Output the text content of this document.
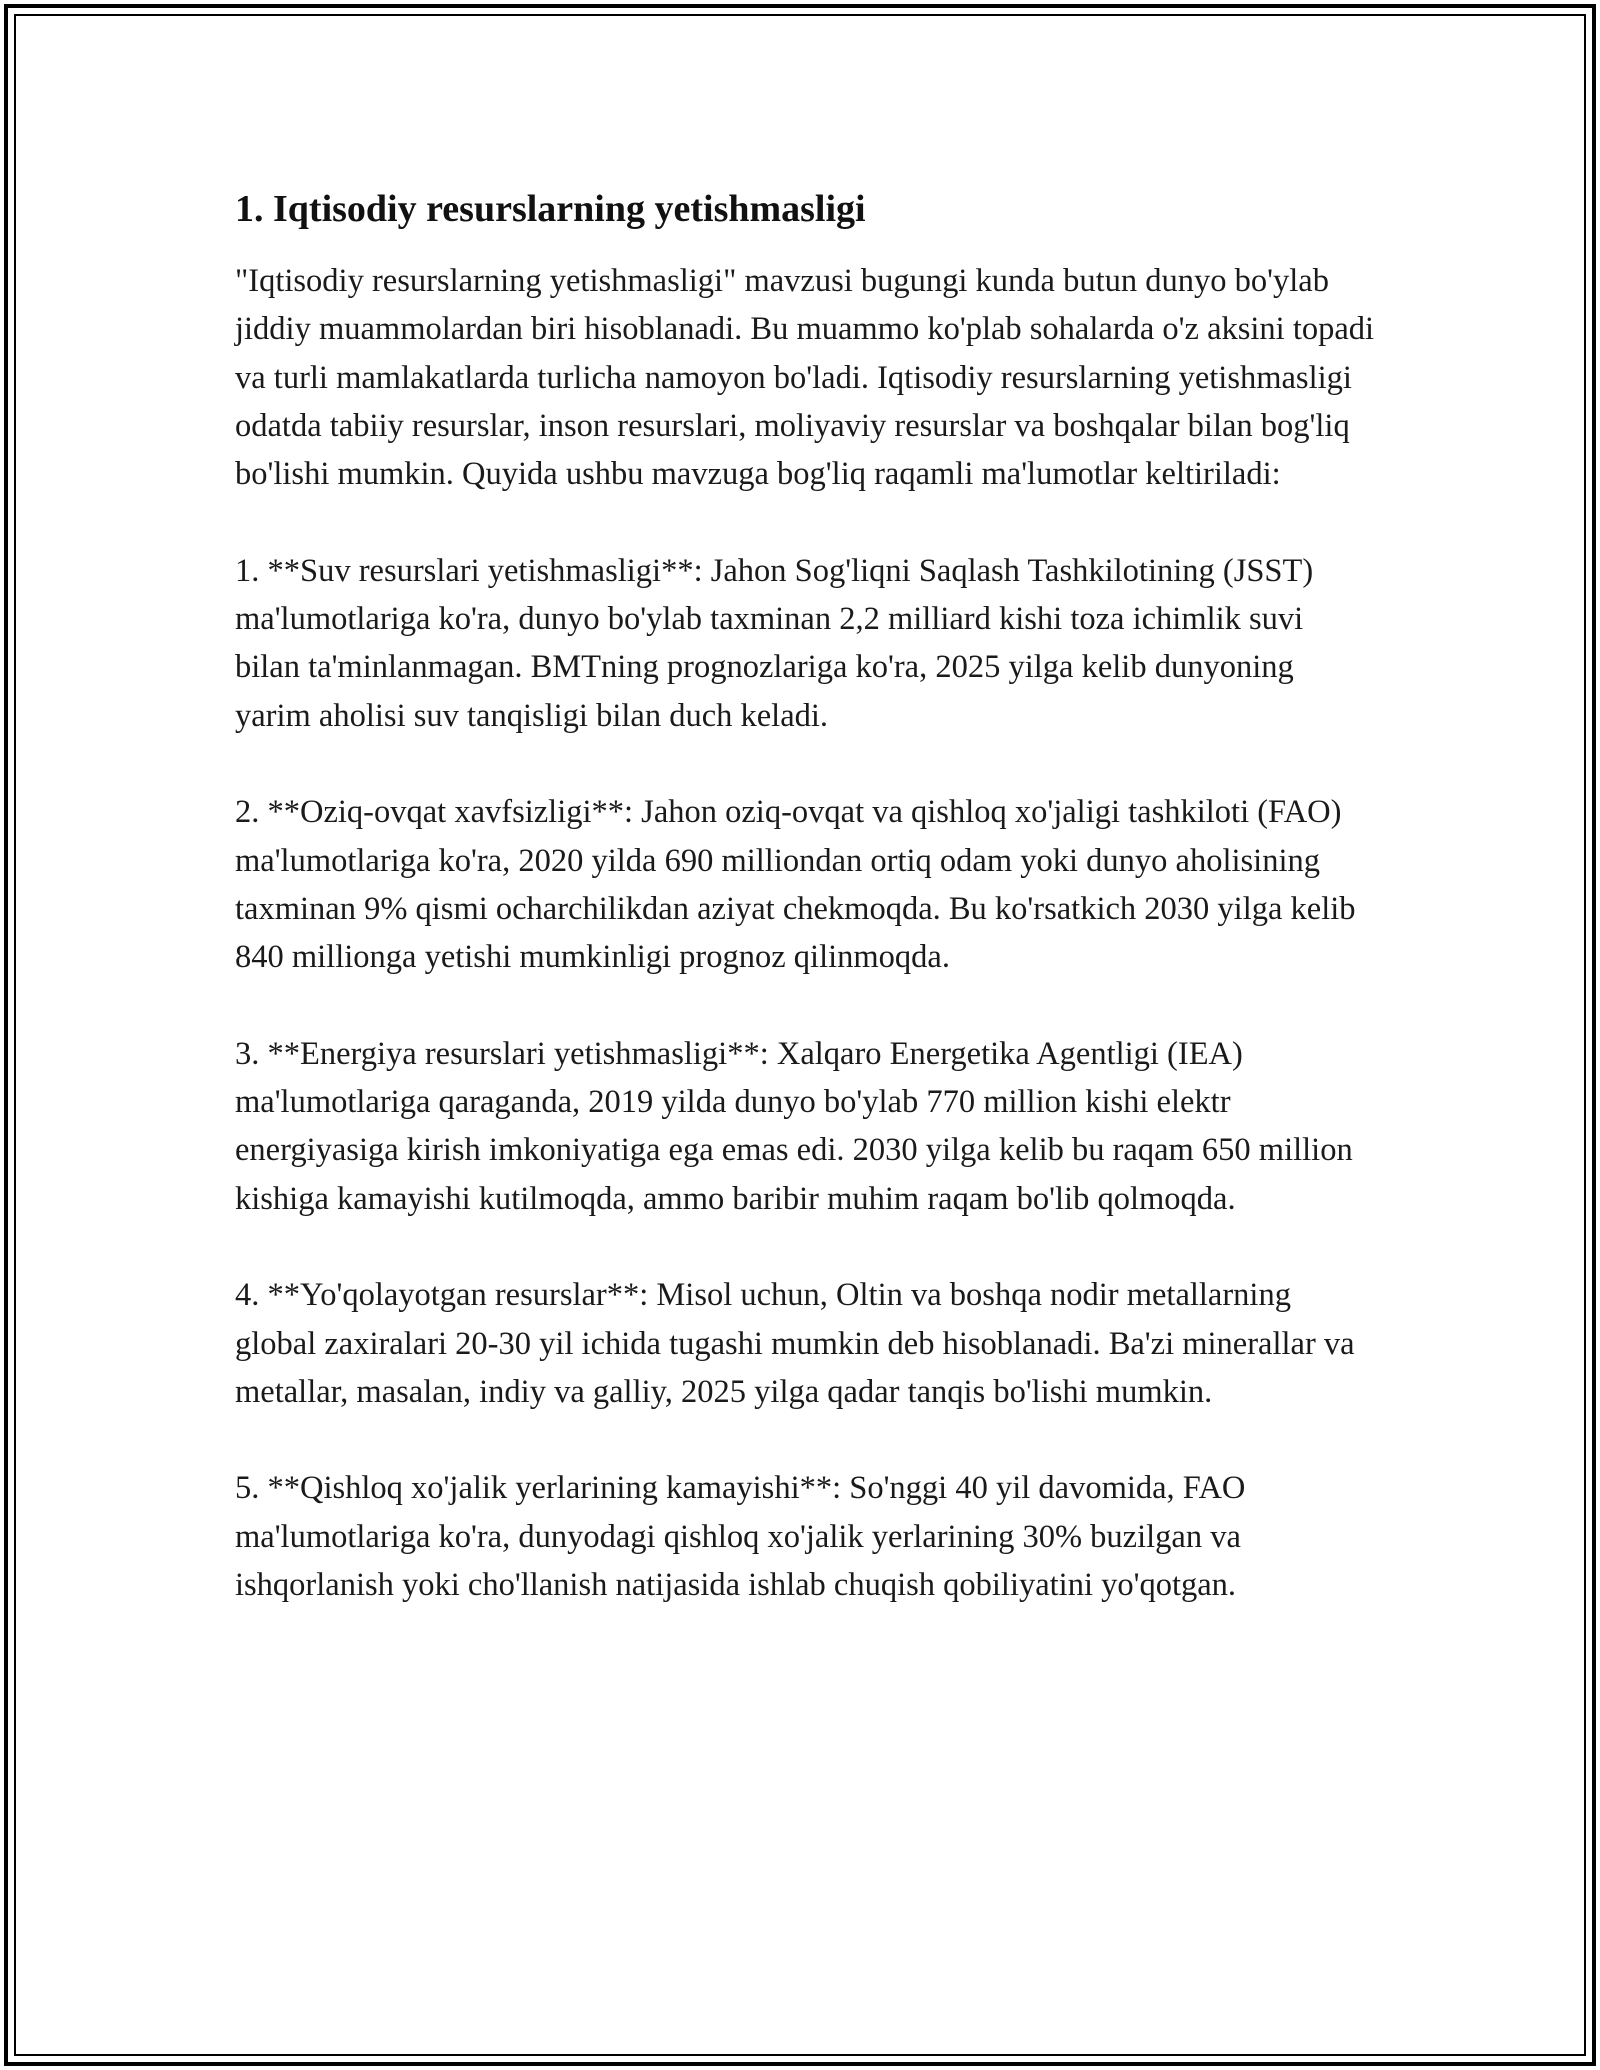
1. Iqtisodiy resurslarning yetishmasligi

"Iqtisodiy resurslarning yetishmasligi" mavzusi bugungi kunda butun dunyo bo'ylab jiddiy muammolardan biri hisoblanadi. Bu muammo ko'plab sohalarda o'z aksini topadi va turli mamlakatlarda turlicha namoyon bo'ladi. Iqtisodiy resurslarning yetishmasligi odatda tabiiy resurslar, inson resurslari, moliyaviy resurslar va boshqalar bilan bog'liq bo'lishi mumkin. Quyida ushbu mavzuga bog'liq raqamli ma'lumotlar keltiriladi:

1. **Suv resurslari yetishmasligi**: Jahon Sog'liqni Saqlash Tashkilotining (JSST) ma'lumotlariga ko'ra, dunyo bo'ylab taxminan 2,2 milliard kishi toza ichimlik suvi bilan ta'minlanmagan. BMTning prognozlariga ko'ra, 2025 yilga kelib dunyoning yarim aholisi suv tanqisligi bilan duch keladi.

2. **Oziq-ovqat xavfsizligi**: Jahon oziq-ovqat va qishloq xo'jaligi tashkiloti (FAO) ma'lumotlariga ko'ra, 2020 yilda 690 milliondan ortiq odam yoki dunyo aholisining taxminan 9% qismi ocharchilikdan aziyat chekmoqda. Bu ko'rsatkich 2030 yilga kelib 840 millionga yetishi mumkinligi prognoz qilinmoqda.

3. **Energiya resurslari yetishmasligi**: Xalqaro Energetika Agentligi (IEA) ma'lumotlariga qaraganda, 2019 yilda dunyo bo'ylab 770 million kishi elektr energiyasiga kirish imkoniyatiga ega emas edi. 2030 yilga kelib bu raqam 650 million kishiga kamayishi kutilmoqda, ammo baribir muhim raqam bo'lib qolmoqda.

4. **Yo'qolayotgan resurslar**: Misol uchun, Oltin va boshqa nodir metallarning global zaxiralari 20-30 yil ichida tugashi mumkin deb hisoblanadi. Ba'zi minerallar va metallar, masalan, indiy va galliy, 2025 yilga qadar tanqis bo'lishi mumkin.

5. **Qishloq xo'jalik yerlarining kamayishi**: So'nggi 40 yil davomida, FAO ma'lumotlariga ko'ra, dunyodagi qishloq xo'jalik yerlarining 30% buzilgan va ishqorlanish yoki cho'llanish natijasida ishlab chuqish qobiliyatini yo'qotgan.
